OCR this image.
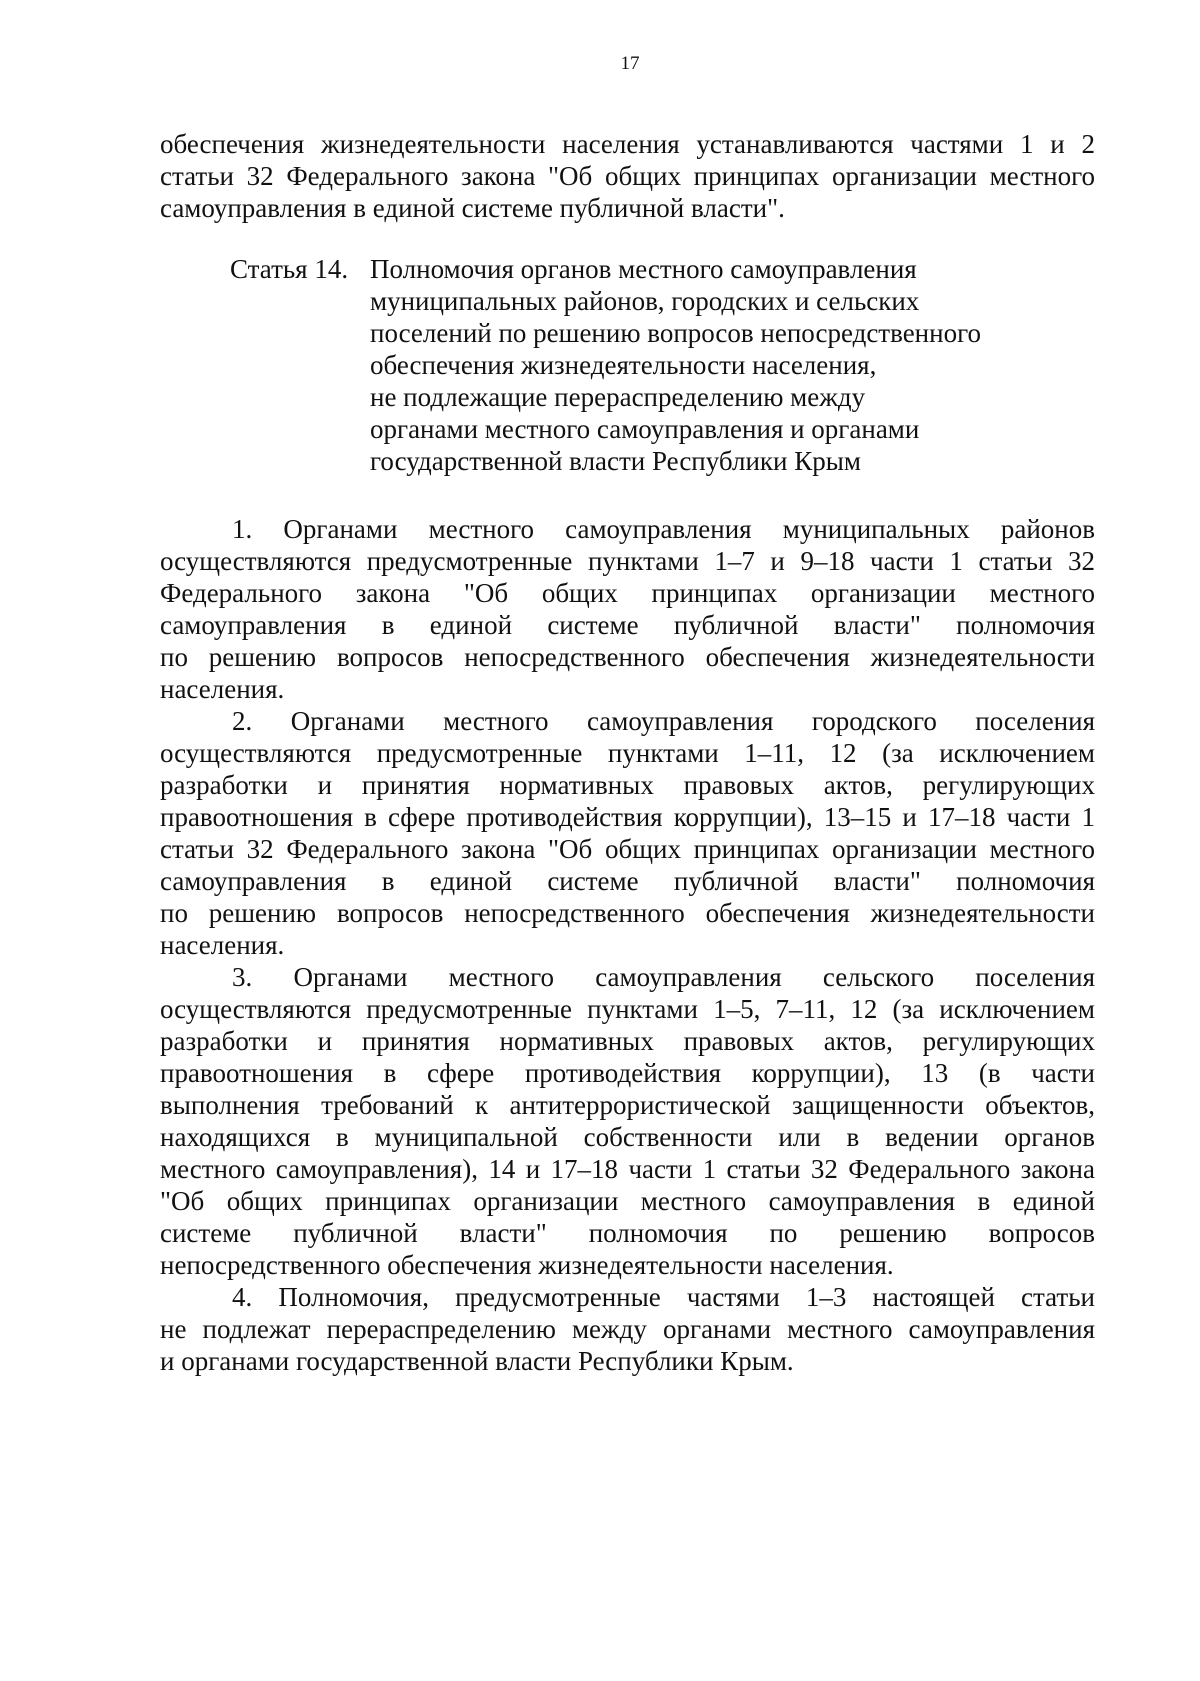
17
обеспечения жизнедеятельности населения устанавливаются частями 1 и 2
статьи 32 Федерального закона "Об общих принципах организации местного
самоуправления в единой системе публичной власти".
Статья 14. Полномочия органов местного самоуправления
муниципальных районов, городских и сельских
поселений по решению вопросов непосредственного
обеспечения жизнедеятельности населения,
не подлежащие перераспределению между
органами местного самоуправления и органами
государственной власти Республики Крым
1. Органами местного самоуправления муниципальных районов
осуществляются предусмотренные пунктами 1–7 и 9–18 части 1 статьи 32
Федерального закона "Об общих принципах организации местного
самоуправления в единой системе публичной власти" полномочия
по решению вопросов непосредственного обеспечения жизнедеятельности
населения.
2. Органами местного самоуправления городского поселения
осуществляются предусмотренные пунктами 1–11, 12 (за исключением
разработки и принятия нормативных правовых актов, регулирующих
правоотношения в сфере противодействия коррупции), 13–15 и 17–18 части 1
статьи 32 Федерального закона "Об общих принципах организации местного
самоуправления в единой системе публичной власти" полномочия
по решению вопросов непосредственного обеспечения жизнедеятельности
населения.
3. Органами местного самоуправления сельского поселения
осуществляются предусмотренные пунктами 1–5, 7–11, 12 (за исключением
разработки и принятия нормативных правовых актов, регулирующих
правоотношения в сфере противодействия коррупции), 13 (в части
выполнения требований к антитеррористической защищенности объектов,
находящихся в муниципальной собственности или в ведении органов
местного самоуправления), 14 и 17–18 части 1 статьи 32 Федерального закона
"Об общих принципах организации местного самоуправления в единой
системе публичной власти" полномочия по решению вопросов
непосредственного обеспечения жизнедеятельности населения.
4. Полномочия, предусмотренные частями 1–3 настоящей статьи
не подлежат перераспределению между органами местного самоуправления
и органами государственной власти Республики Крым.
